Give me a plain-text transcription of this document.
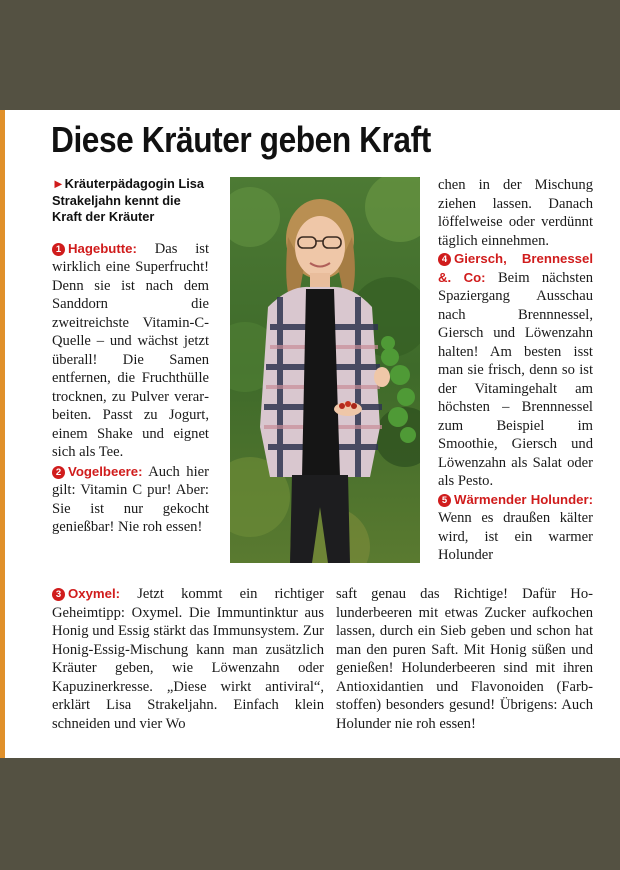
Diese Kräuter geben Kraft
►Kräuterpädagogin Lisa Strakeljahn kennt die Kraft der Kräuter

1 Hagebutte: Das ist wirklich eine Superfrucht! Denn sie ist nach dem Sanddorn die zweitreichste Vitamin-C-Quelle – und wächst jetzt überall! Die Samen entfernen, die Fruchthülle trocknen, zu Pulver verarbeiten. Passt zu Jogurt, einem Shake und eignet sich als Tee.

2 Vogelbeere: Auch hier gilt: Vitamin C pur! Aber: Sie ist nur gekocht genießbar! Nie roh essen!

chen in der Mischung ziehen lassen. Danach löffelweise oder verdünnt täglich einnehmen.

4 Giersch, Brennessel &. Co: Beim nächsten Spaziergang Ausschau nach Brennnessel, Giersch und Löwenzahn halten! Am besten isst man sie frisch, denn so ist der Vitamingehalt am höchsten – Brennnessel zum Beispiel im Smoothie, Giersch und Löwenzahn als Salat oder als Pesto.

5 Wärmender Holunder: Wenn es draußen kälter wird, ist ein warmer Holunder

3 Oxymel: Jetzt kommt ein richtiger Geheimtipp: Oxymel. Die Immuntinktur aus Honig und Essig stärkt das Immunsystem. Zur Honig-Essig-Mischung kann man zusätzlich Kräuter geben, wie Löwenzahn oder Kapuzinerkresse. „Diese wirkt antiviral“, erklärt Lisa Strakeljahn. Einfach klein schneiden und vier Wo

saft genau das Richtige! Dafür Holunderbeeren mit etwas Zucker aufkochen lassen, durch ein Sieb geben und schon hat man den puren Saft. Mit Honig süßen und genießen! Holunderbeeren sind mit ihren Antioxidantien und Flavonoiden (Farbstoffen) besonders gesund! Übrigens: Auch Holunder nie roh essen!
